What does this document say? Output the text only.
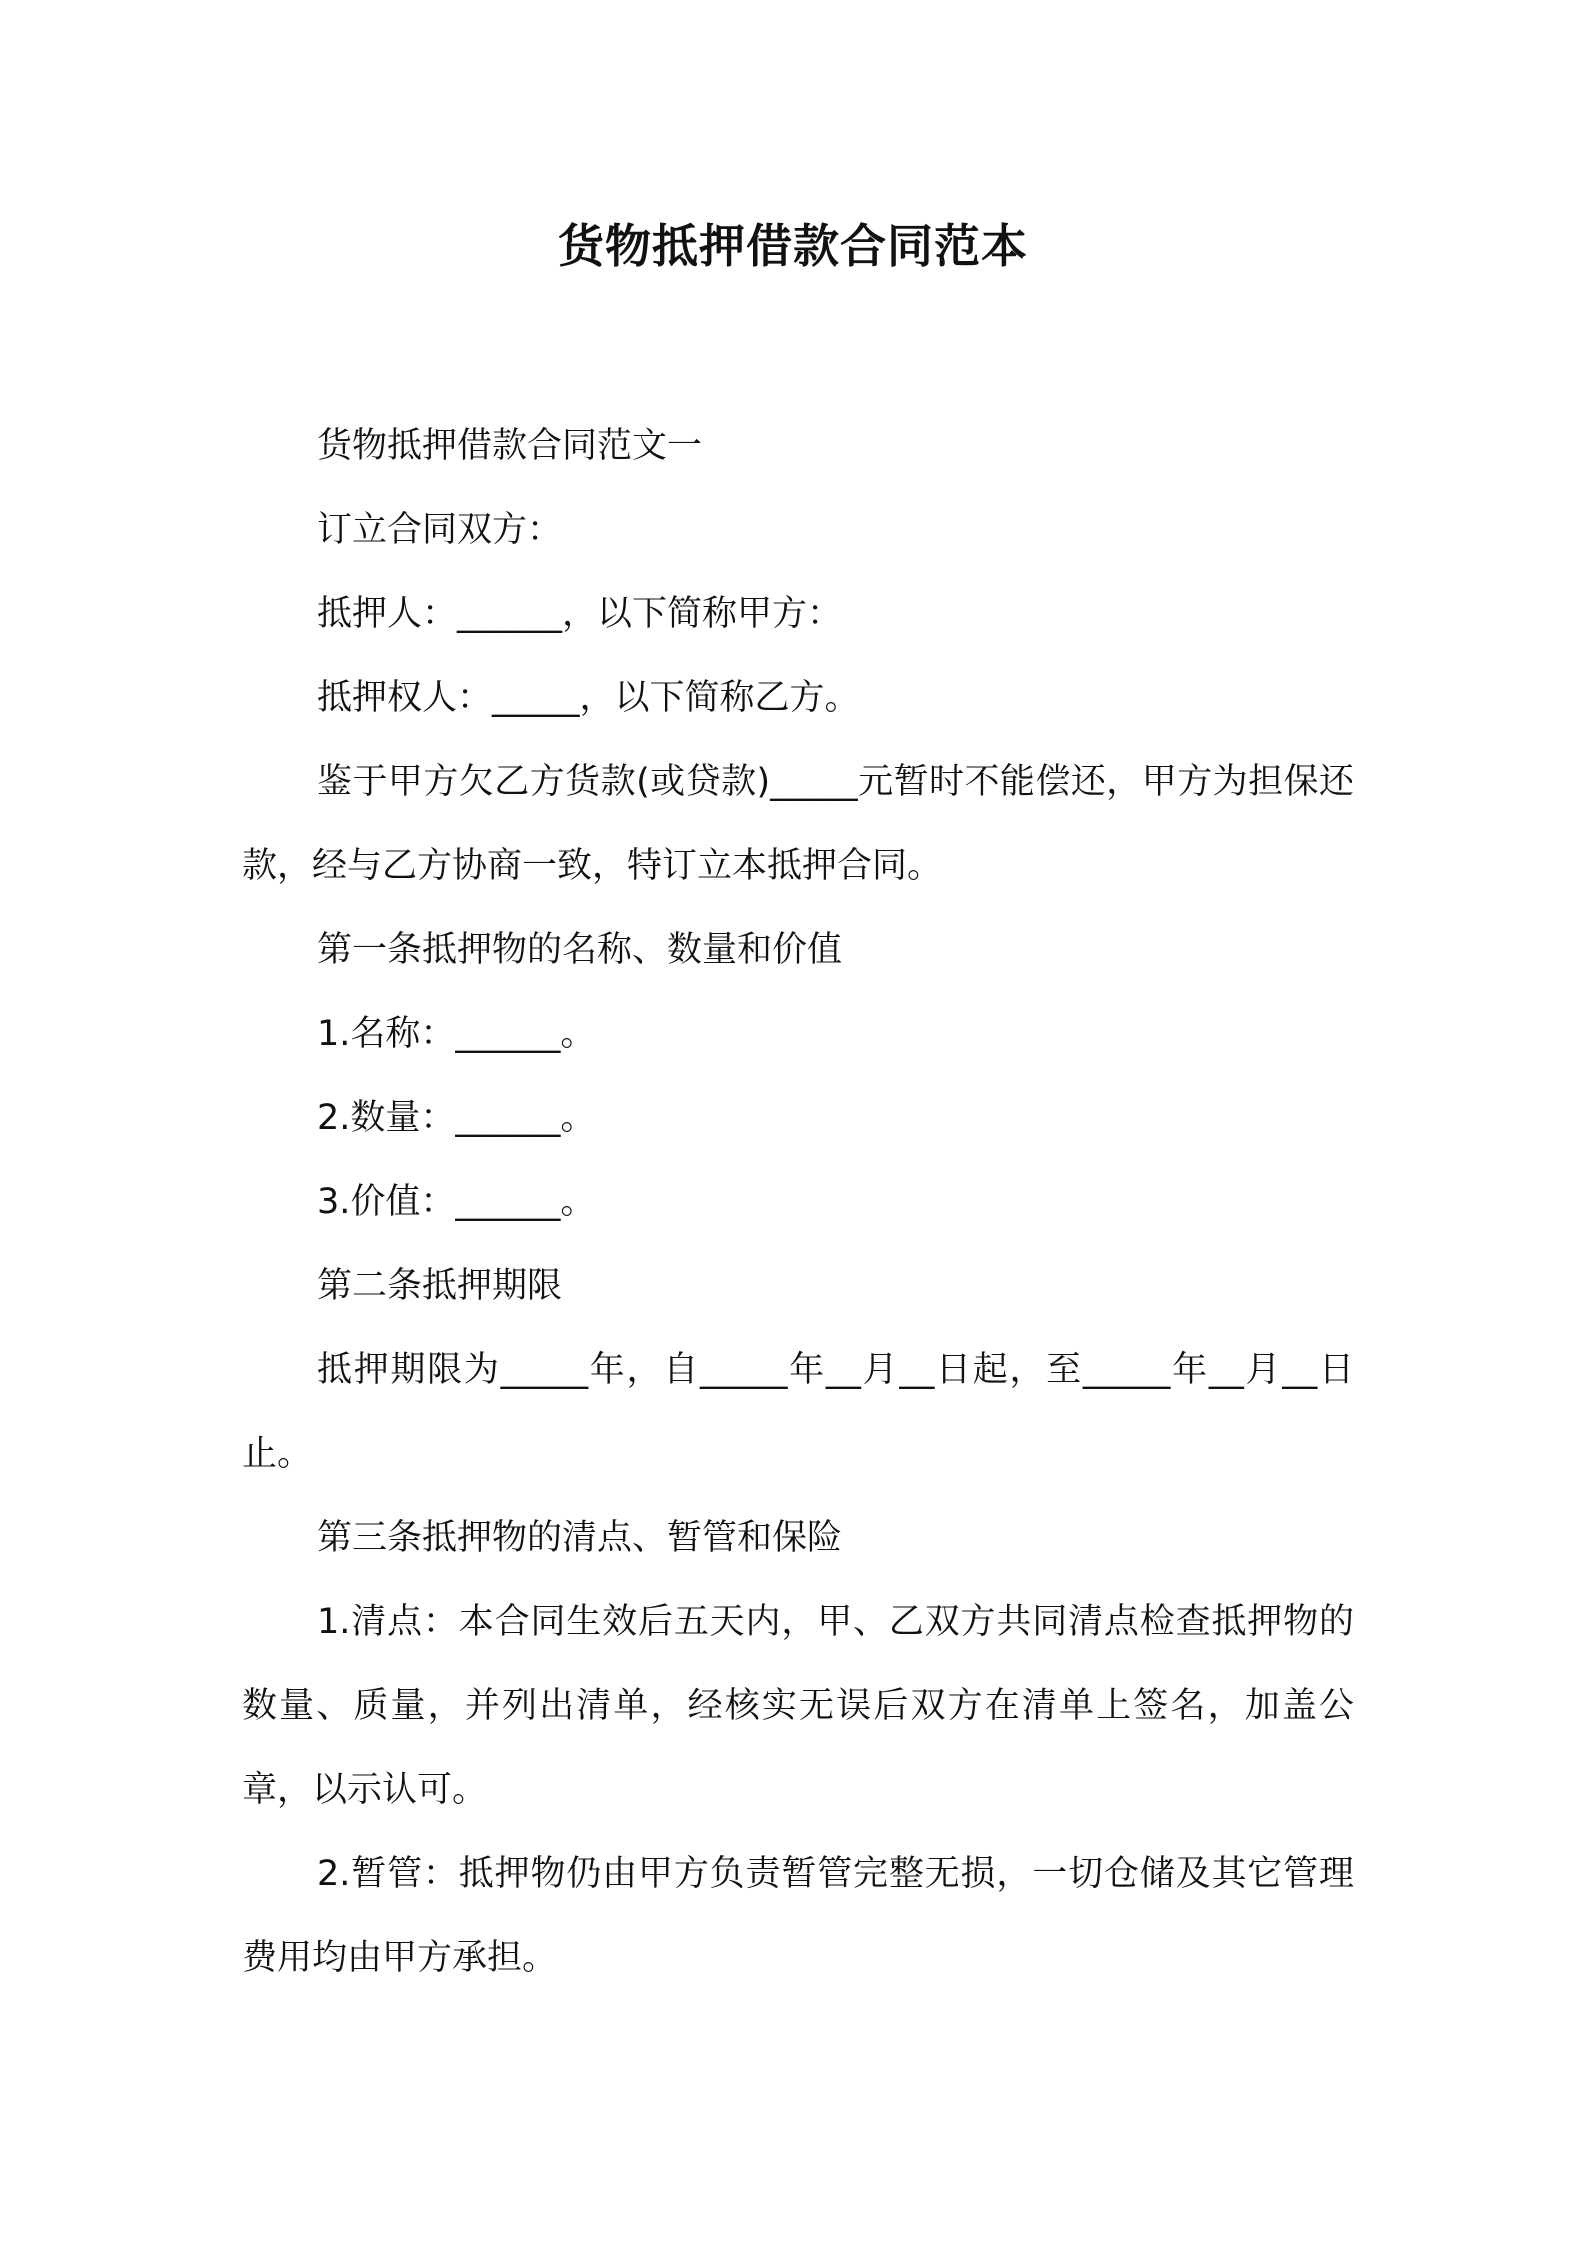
货物抵押借款合同范本

货物抵押借款合同范文一

订立合同双方：

抵押人：______，以下简称甲方：

抵押权人：_____，以下简称乙方。

鉴于甲方欠乙方货款(或贷款)_____元暂时不能偿还，甲方为担保还款，经与乙方协商一致，特订立本抵押合同。

第一条抵押物的名称、数量和价值

1.名称：______。

2.数量：______。

3.价值：______。

第二条抵押期限

抵押期限为_____年，自_____年__月__日起，至_____年__月__日止。

第三条抵押物的清点、暂管和保险

1.清点：本合同生效后五天内，甲、乙双方共同清点检查抵押物的数量、质量，并列出清单，经核实无误后双方在清单上签名，加盖公章，以示认可。

2.暂管：抵押物仍由甲方负责暂管完整无损，一切仓储及其它管理费用均由甲方承担。
